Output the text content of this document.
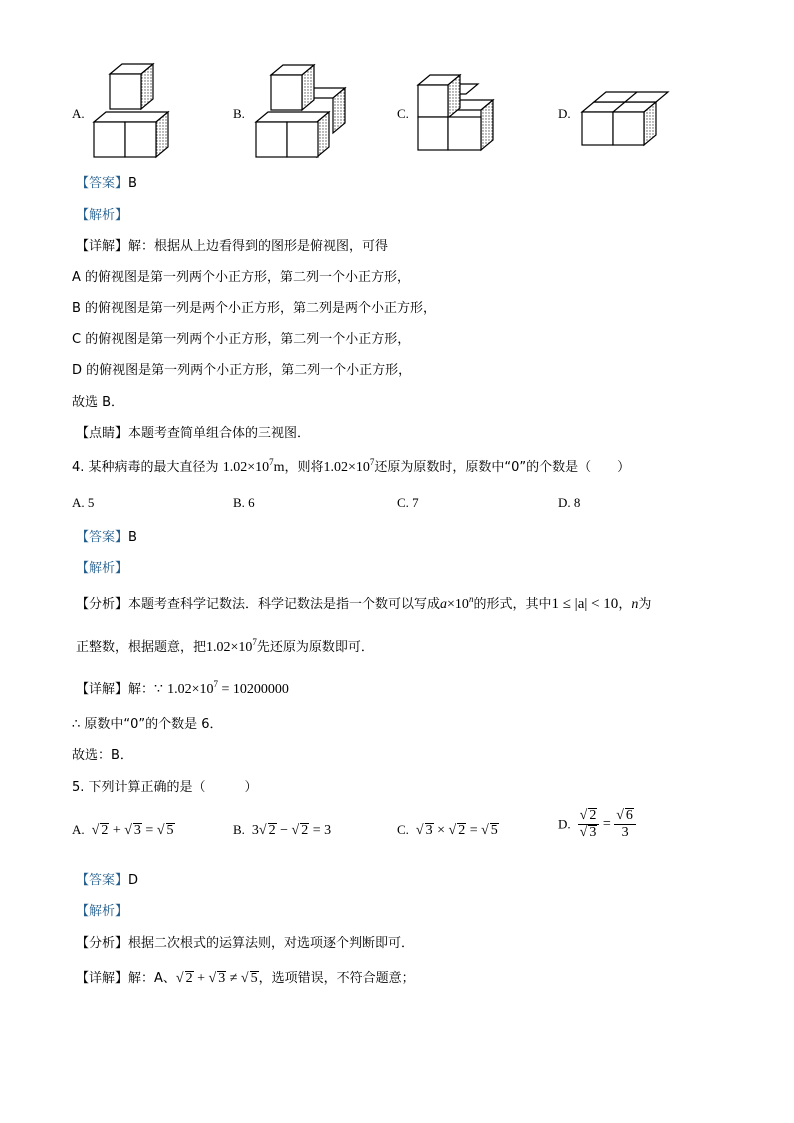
A.	B.	C.	D.
【答案】B
【解析】
【详解】解：根据从上边看得到的图形是俯视图，可得
A 的俯视图是第一列两个小正方形，第二列一个小正方形，
B 的俯视图是第一列是两个小正方形，第二列是两个小正方形，
C 的俯视图是第一列两个小正方形，第二列一个小正方形，
D 的俯视图是第一列两个小正方形，第二列一个小正方形，
故选 B．
【点睛】本题考查简单组合体的三视图．
4. 某种病毒的最大直径为 $1.02\times 10^7m$，则将$1.02\times 10^7$还原为原数时，原数中“0”的个数是（　　）
A. 5	B. 6	C. 7	D. 8
【答案】B
【解析】
【分析】本题考查科学记数法．科学记数法是指一个数可以写成$a\times 10^n$的形式，其中1 ≤ |a| < 10，n为
正整数，根据题意，把$1.02\times 10^7$先还原为原数即可．
【详解】解：∵ $1.02\times 10^7 = 10200000$
∴ 原数中“0”的个数是 6．
故选：B．
5. 下列计算正确的是（　　　）
A.  √ 2 + √ 3 = √ 5	B. 3√ 2 − √ 2 = 3	C.  √ 3 × √ 2 = √ 5	D. $\frac{√ 2}{√ 3} = \frac{√ 6}{3}$
【答案】D
【解析】
【分析】根据二次根式的运算法则，对选项逐个判断即可．
【详解】解：A、√ 2 + √ 3 ≠ √ 5，选项错误，不符合题意；
